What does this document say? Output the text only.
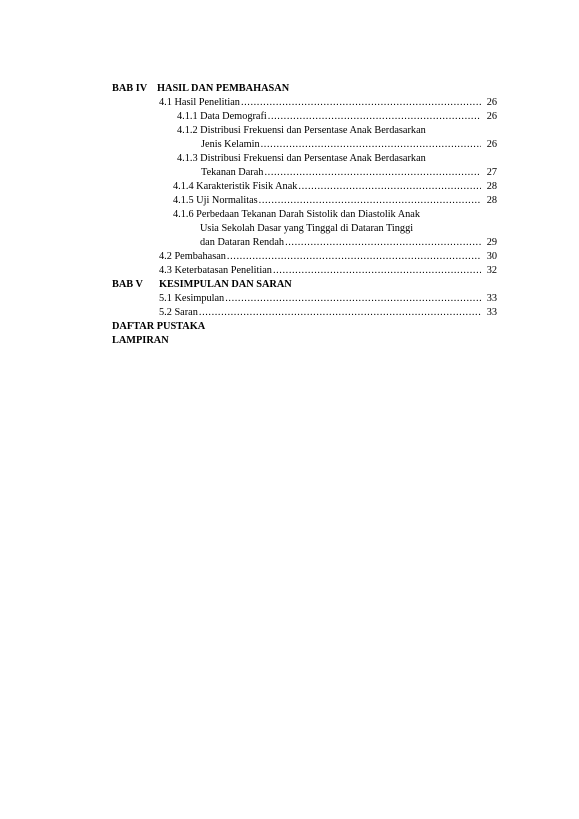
BAB IV HASIL DAN PEMBAHASAN
4.1 Hasil Penelitian .....	26
4.1.1 Data Demografi .....	26
4.1.2 Distribusi Frekuensi dan Persentase Anak Berdasarkan
Jenis Kelamin .....	26
4.1.3 Distribusi Frekuensi dan Persentase Anak Berdasarkan
Tekanan Darah .....	27
4.1.4 Karakteristik Fisik Anak .....	28
4.1.5 Uji Normalitas .....	28
4.1.6 Perbedaan Tekanan Darah Sistolik dan Diastolik Anak
Usia Sekolah Dasar yang Tinggal di Dataran Tinggi
dan Dataran Rendah .....	29
4.2 Pembahasan .....	30
4.3 Keterbatasan Penelitian .....	32
BAB V KESIMPULAN DAN SARAN
5.1 Kesimpulan .....	33
5.2 Saran .....	33
DAFTAR PUSTAKA
LAMPIRAN
